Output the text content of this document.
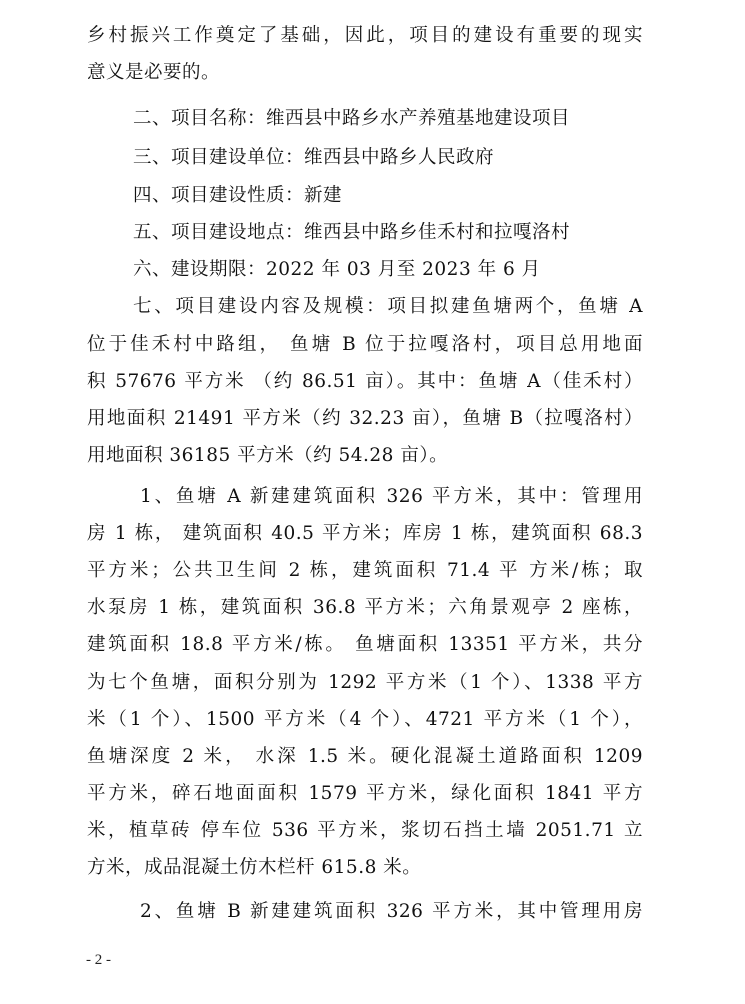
乡村振兴工作奠定了基础，因此，项目的建设有重要的现实
意义是必要的。
二、项目名称：维西县中路乡水产养殖基地建设项目
三、项目建设单位：维西县中路乡人民政府
四、项目建设性质：新建
五、项目建设地点：维西县中路乡佳禾村和拉嘎洛村
六、建设期限：2022 年 03 月至 2023 年 6 月
七、项目建设内容及规模：项目拟建鱼塘两个，鱼塘 A
位于佳禾村中路组， 鱼塘 B 位于拉嘎洛村，项目总用地面
积 57676 平方米 （约 86.51 亩）。其中：鱼塘 A（佳禾村）
用地面积 21491 平方米（约 32.23 亩），鱼塘 B（拉嘎洛村）
用地面积 36185 平方米（约 54.28 亩）。
1、鱼塘 A 新建建筑面积 326 平方米，其中：管理用
房 1 栋， 建筑面积 40.5 平方米；库房 1 栋，建筑面积 68.3
平方米；公共卫生间 2 栋，建筑面积 71.4 平 方米/栋；取
水泵房 1 栋，建筑面积 36.8 平方米；六角景观亭 2 座栋，
建筑面积 18.8 平方米/栋。 鱼塘面积 13351 平方米，共分
为七个鱼塘，面积分别为 1292 平方米（1 个）、1338 平方
米（1 个）、1500 平方米（4 个）、4721 平方米（1 个），
鱼塘深度 2 米， 水深 1.5 米。硬化混凝土道路面积 1209
平方米，碎石地面面积 1579 平方米，绿化面积 1841 平方
米，植草砖 停车位 536 平方米，浆切石挡土墙 2051.71 立
方米，成品混凝土仿木栏杆 615.8 米。
2、鱼塘 B 新建建筑面积 326 平方米，其中管理用房
- 2 -
